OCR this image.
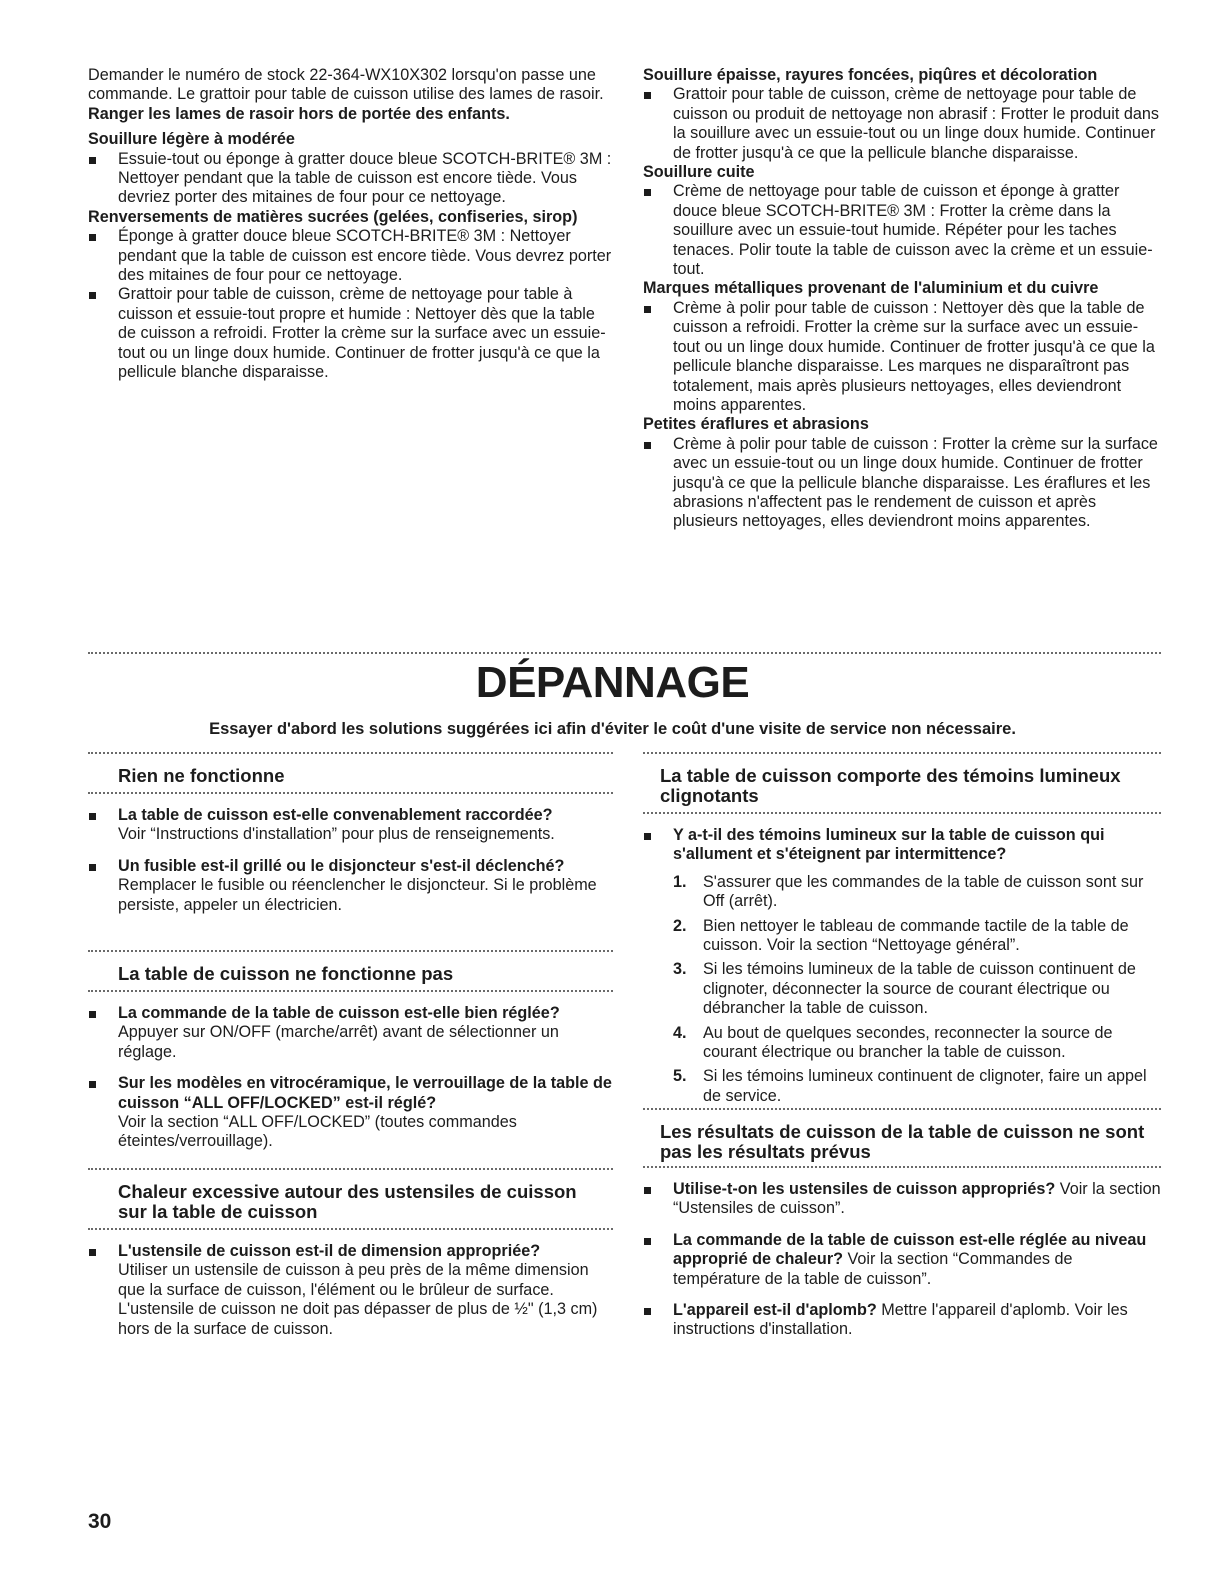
Demander le numéro de stock 22-364-WX10X302 lorsqu'on passe une commande. Le grattoir pour table de cuisson utilise des lames de rasoir. Ranger les lames de rasoir hors de portée des enfants.

Souillure légère à modérée

Essuie-tout ou éponge à gratter douce bleue SCOTCH-BRITE® 3M : Nettoyer pendant que la table de cuisson est encore tiède. Vous devriez porter des mitaines de four pour ce nettoyage.

Renversements de matières sucrées (gelées, confiseries, sirop)

Éponge à gratter douce bleue SCOTCH-BRITE® 3M : Nettoyer pendant que la table de cuisson est encore tiède. Vous devrez porter des mitaines de four pour ce nettoyage.

Grattoir pour table de cuisson, crème de nettoyage pour table à cuisson et essuie-tout propre et humide : Nettoyer dès que la table de cuisson a refroidi. Frotter la crème sur la surface avec un essuie-tout ou un linge doux humide. Continuer de frotter jusqu'à ce que la pellicule blanche disparaisse.

Souillure épaisse, rayures foncées, piqûres et décoloration

Grattoir pour table de cuisson, crème de nettoyage pour table de cuisson ou produit de nettoyage non abrasif : Frotter le produit dans la souillure avec un essuie-tout ou un linge doux humide. Continuer de frotter jusqu'à ce que la pellicule blanche disparaisse.

Souillure cuite

Crème de nettoyage pour table de cuisson et éponge à gratter douce bleue SCOTCH-BRITE® 3M : Frotter la crème dans la souillure avec un essuie-tout humide. Répéter pour les taches tenaces. Polir toute la table de cuisson avec la crème et un essuie-tout.

Marques métalliques provenant de l'aluminium et du cuivre

Crème à polir pour table de cuisson : Nettoyer dès que la table de cuisson a refroidi. Frotter la crème sur la surface avec un essuie-tout ou un linge doux humide. Continuer de frotter jusqu'à ce que la pellicule blanche disparaisse. Les marques ne disparaîtront pas totalement, mais après plusieurs nettoyages, elles deviendront moins apparentes.

Petites éraflures et abrasions

Crème à polir pour table de cuisson : Frotter la crème sur la surface avec un essuie-tout ou un linge doux humide. Continuer de frotter jusqu'à ce que la pellicule blanche disparaisse. Les éraflures et les abrasions n'affectent pas le rendement de cuisson et après plusieurs nettoyages, elles deviendront moins apparentes.

DÉPANNAGE

Essayer d'abord les solutions suggérées ici afin d'éviter le coût d'une visite de service non nécessaire.

Rien ne fonctionne

La table de cuisson est-elle convenablement raccordée?
Voir “Instructions d'installation” pour plus de renseignements.
Un fusible est-il grillé ou le disjoncteur s'est-il déclenché?
Remplacer le fusible ou réenclencher le disjoncteur. Si le problème persiste, appeler un électricien.

La table de cuisson ne fonctionne pas

La commande de la table de cuisson est-elle bien réglée?
Appuyer sur ON/OFF (marche/arrêt) avant de sélectionner un réglage.
Sur les modèles en vitrocéramique, le verrouillage de la table de cuisson “ALL OFF/LOCKED” est-il réglé?
Voir la section “ALL OFF/LOCKED” (toutes commandes éteintes/verrouillage).

Chaleur excessive autour des ustensiles de cuisson sur la table de cuisson

L'ustensile de cuisson est-il de dimension appropriée?
Utiliser un ustensile de cuisson à peu près de la même dimension que la surface de cuisson, l'élément ou le brûleur de surface. L'ustensile de cuisson ne doit pas dépasser de plus de ½" (1,3 cm) hors de la surface de cuisson.

La table de cuisson comporte des témoins lumineux clignotants

Y a-t-il des témoins lumineux sur la table de cuisson qui s'allument et s'éteignent par intermittence?
1. S'assurer que les commandes de la table de cuisson sont sur Off (arrêt).
2. Bien nettoyer le tableau de commande tactile de la table de cuisson. Voir la section “Nettoyage général”.
3. Si les témoins lumineux de la table de cuisson continuent de clignoter, déconnecter la source de courant électrique ou débrancher la table de cuisson.
4. Au bout de quelques secondes, reconnecter la source de courant électrique ou brancher la table de cuisson.
5. Si les témoins lumineux continuent de clignoter, faire un appel de service.

Les résultats de cuisson de la table de cuisson ne sont pas les résultats prévus

Utilise-t-on les ustensiles de cuisson appropriés? Voir la section “Ustensiles de cuisson”.
La commande de la table de cuisson est-elle réglée au niveau approprié de chaleur? Voir la section “Commandes de température de la table de cuisson”.
L'appareil est-il d'aplomb? Mettre l'appareil d'aplomb. Voir les instructions d'installation.

30
